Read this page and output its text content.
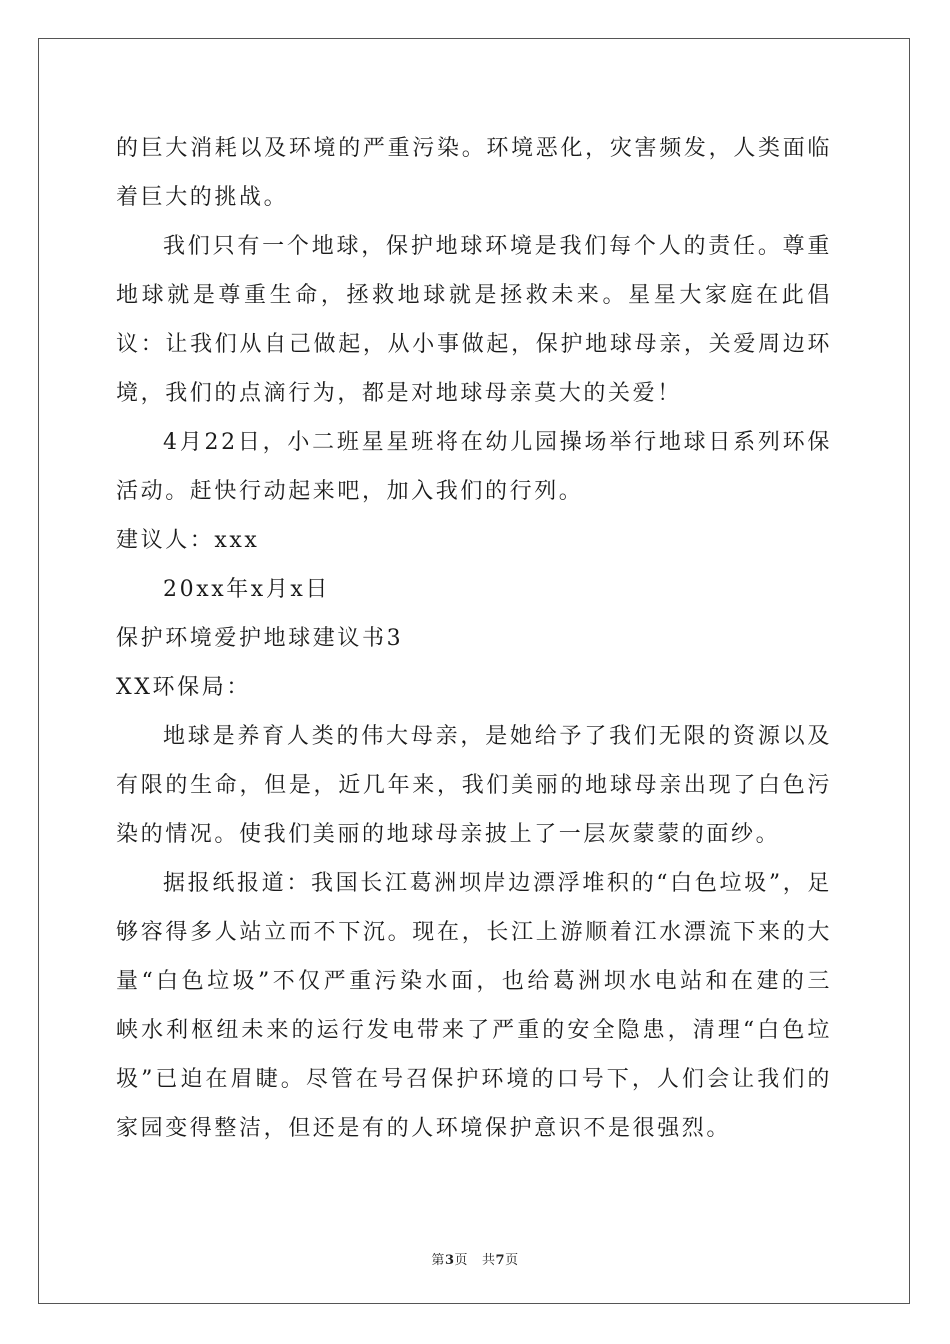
的巨大消耗以及环境的严重污染。环境恶化，灾害频发，人类面临着巨大的挑战。

我们只有一个地球，保护地球环境是我们每个人的责任。尊重地球就是尊重生命，拯救地球就是拯救未来。星星大家庭在此倡议：让我们从自己做起，从小事做起，保护地球母亲，关爱周边环境，我们的点滴行为，都是对地球母亲莫大的关爱！

4月22日，小二班星星班将在幼儿园操场举行地球日系列环保活动。赶快行动起来吧，加入我们的行列。

建议人：xxx

20xx年x月x日

保护环境爱护地球建议书3

XX环保局：

地球是养育人类的伟大母亲，是她给予了我们无限的资源以及有限的生命，但是，近几年来，我们美丽的地球母亲出现了白色污染的情况。使我们美丽的地球母亲披上了一层灰蒙蒙的面纱。

据报纸报道：我国长江葛洲坝岸边漂浮堆积的“白色垃圾”，足够容得多人站立而不下沉。现在，长江上游顺着江水漂流下来的大量“白色垃圾”不仅严重污染水面，也给葛洲坝水电站和在建的三峡水利枢纽未来的运行发电带来了严重的安全隐患，清理“白色垃圾”已迫在眉睫。尽管在号召保护环境的口号下，人们会让我们的家园变得整洁，但还是有的人环境保护意识不是很强烈。

第3页 共7页
